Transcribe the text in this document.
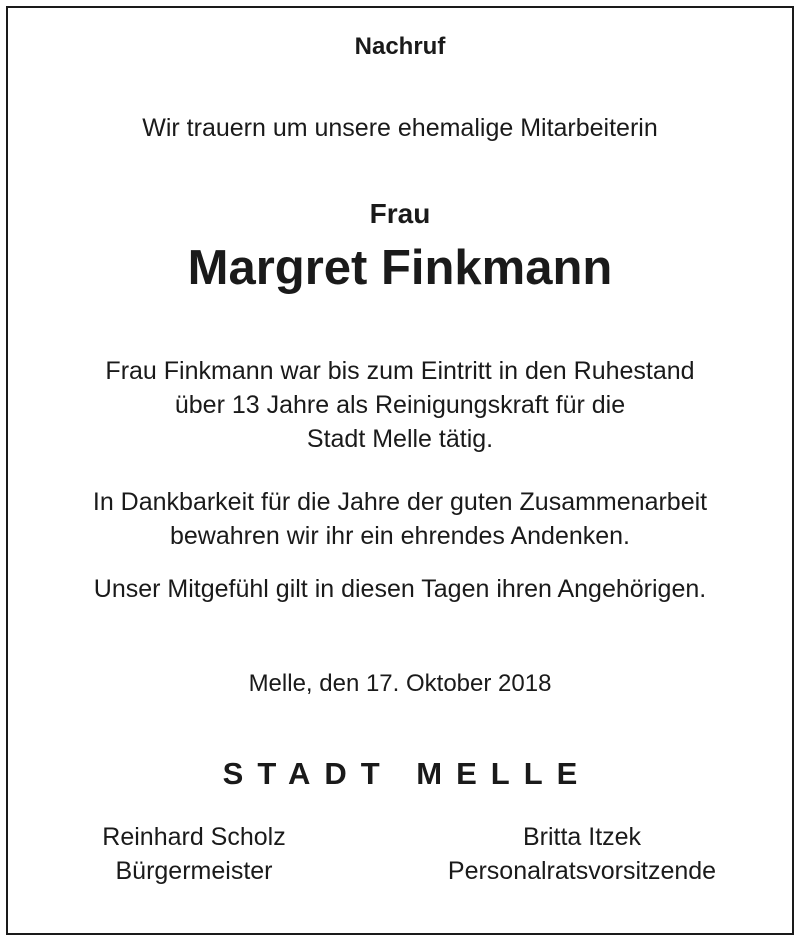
Nachruf
Wir trauern um unsere ehemalige Mitarbeiterin
Frau
Margret Finkmann
Frau Finkmann war bis zum Eintritt in den Ruhestand
über 13 Jahre als Reinigungskraft für die
Stadt Melle tätig.
In Dankbarkeit für die Jahre der guten Zusammenarbeit
bewahren wir ihr ein ehrendes Andenken.
Unser Mitgefühl gilt in diesen Tagen ihren Angehörigen.
Melle, den 17. Oktober 2018
STADT MELLE
Reinhard Scholz
Bürgermeister
Britta Itzek
Personalratsvorsitzende
